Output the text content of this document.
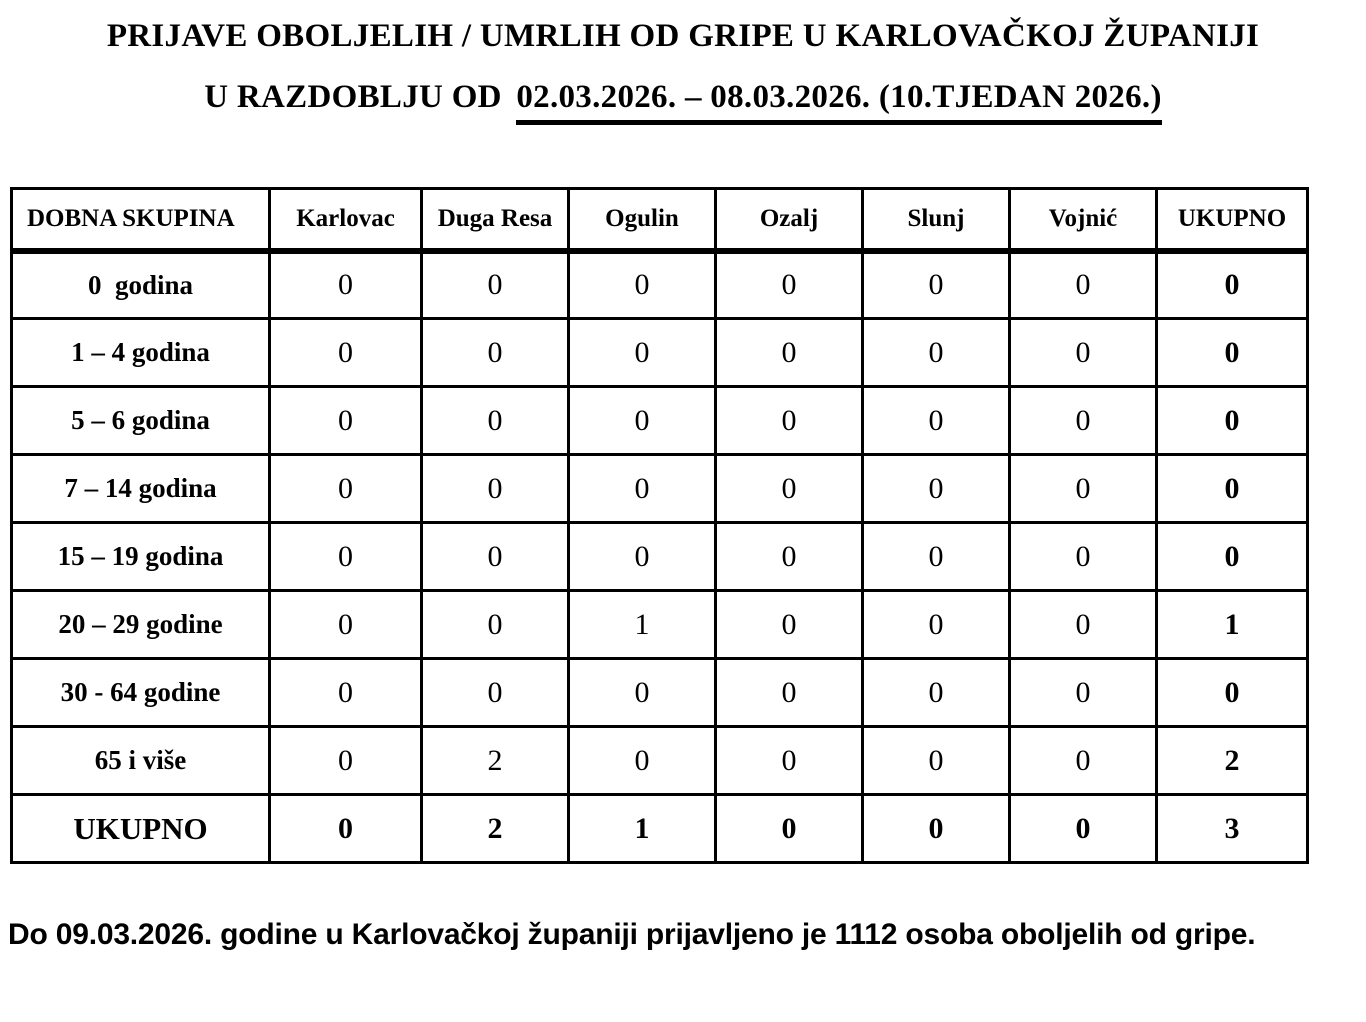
PRIJAVE OBOLJELIH / UMRLIH OD GRIPE U KARLOVAČKOJ ŽUPANIJI
U RAZDOBLJU OD 02.03.2026. – 08.03.2026. (10.TJEDAN 2026.)
DOBNA SKUPINA	Karlovac	Duga Resa	Ogulin	Ozalj	Slunj	Vojnić	UKUPNO
0  godina	0	0	0	0	0	0	0
1 – 4 godina	0	0	0	0	0	0	0
5 – 6 godina	0	0	0	0	0	0	0
7 – 14 godina	0	0	0	0	0	0	0
15 – 19 godina	0	0	0	0	0	0	0
20 – 29 godine	0	0	1	0	0	0	1
30 - 64 godine	0	0	0	0	0	0	0
65 i više	0	2	0	0	0	0	2
UKUPNO	0	2	1	0	0	0	3
Do 09.03.2026. godine u Karlovačkoj županiji prijavljeno je 1112 osoba oboljelih od gripe.
